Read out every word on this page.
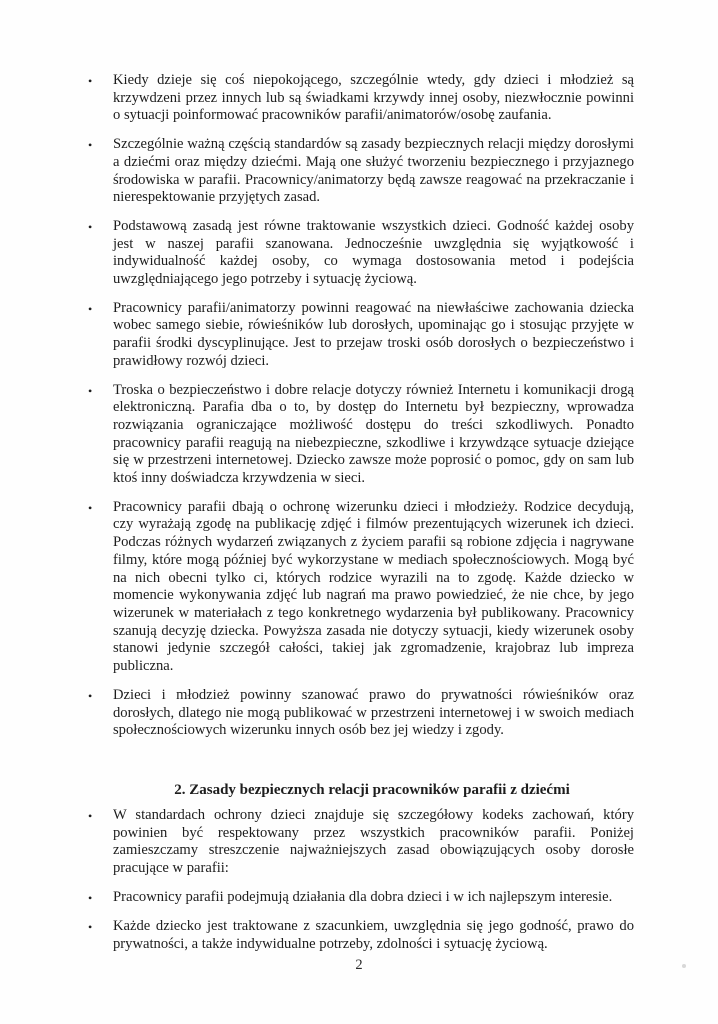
•	Kiedy dzieje się coś niepokojącego, szczególnie wtedy, gdy dzieci i młodzież są krzywdzeni przez innych lub są świadkami krzywdy innej osoby, niezwłocznie powinni o sytuacji poinformować pracowników parafii/animatorów/osobę zaufania.
•	Szczególnie ważną częścią standardów są zasady bezpiecznych relacji między dorosłymi a dziećmi oraz między dziećmi. Mają one służyć tworzeniu bezpiecznego i przyjaznego środowiska w parafii. Pracownicy/animatorzy będą zawsze reagować na przekraczanie i nierespektowanie przyjętych zasad.
•	Podstawową zasadą jest równe traktowanie wszystkich dzieci. Godność każdej osoby jest w naszej parafii szanowana. Jednocześnie uwzględnia się wyjątkowość i indywidualność każdej osoby, co wymaga dostosowania metod i podejścia uwzględniającego jego potrzeby i sytuację życiową.
•	Pracownicy parafii/animatorzy powinni reagować na niewłaściwe zachowania dziecka wobec samego siebie, rówieśników lub dorosłych, upominając go i stosując przyjęte w parafii środki dyscyplinujące. Jest to przejaw troski osób dorosłych o bezpieczeństwo i prawidłowy rozwój dzieci.
•	Troska o bezpieczeństwo i dobre relacje dotyczy również Internetu i komunikacji drogą elektroniczną. Parafia dba o to, by dostęp do Internetu był bezpieczny, wprowadza rozwiązania ograniczające możliwość dostępu do treści szkodliwych. Ponadto pracownicy parafii reagują na niebezpieczne, szkodliwe i krzywdzące sytuacje dziejące się w przestrzeni internetowej. Dziecko zawsze może poprosić o pomoc, gdy on sam lub ktoś inny doświadcza krzywdzenia w sieci.
•	Pracownicy parafii dbają o ochronę wizerunku dzieci i młodzieży. Rodzice decydują, czy wyrażają zgodę na publikację zdjęć i filmów prezentujących wizerunek ich dzieci. Podczas różnych wydarzeń związanych z życiem parafii są robione zdjęcia i nagrywane filmy, które mogą później być wykorzystane w mediach społecznościowych. Mogą być na nich obecni tylko ci, których rodzice wyrazili na to zgodę. Każde dziecko w momencie wykonywania zdjęć lub nagrań ma prawo powiedzieć, że nie chce, by jego wizerunek w materiałach z tego konkretnego wydarzenia był publikowany. Pracownicy szanują decyzję dziecka. Powyższa zasada nie dotyczy sytuacji, kiedy wizerunek osoby stanowi jedynie szczegół całości, takiej jak zgromadzenie, krajobraz lub impreza publiczna.
•	Dzieci i młodzież powinny szanować prawo do prywatności rówieśników oraz dorosłych, dlatego nie mogą publikować w przestrzeni internetowej i w swoich mediach społecznościowych wizerunku innych osób bez jej wiedzy i zgody.
2. Zasady bezpiecznych relacji pracowników parafii z dziećmi
•	W standardach ochrony dzieci znajduje się szczegółowy kodeks zachowań, który powinien być respektowany przez wszystkich pracowników parafii. Poniżej zamieszczamy streszczenie najważniejszych zasad obowiązujących osoby dorosłe pracujące w parafii:
•	Pracownicy parafii podejmują działania dla dobra dzieci i w ich najlepszym interesie.
•	Każde dziecko jest traktowane z szacunkiem, uwzględnia się jego godność, prawo do prywatności, a także indywidualne potrzeby, zdolności i sytuację życiową.
2
